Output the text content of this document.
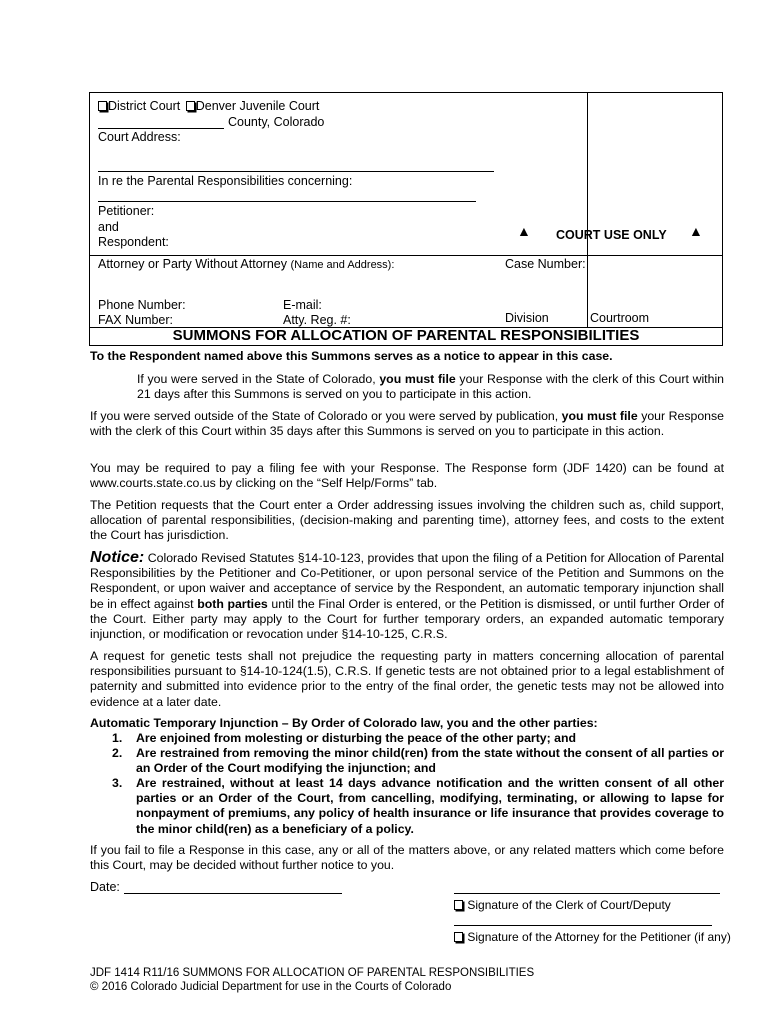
District Court Denver Juvenile Court
County, Colorado
Court Address:
In re the Parental Responsibilities concerning:
Petitioner:
and
Respondent:
▲ COURT USE ONLY ▲
Attorney or Party Without Attorney (Name and Address):	Case Number:
Phone Number:	E-mail:
FAX Number:	Atty. Reg. #:	Division	Courtroom
SUMMONS FOR ALLOCATION OF PARENTAL RESPONSIBILITIES
To the Respondent named above this Summons serves as a notice to appear in this case.
If you were served in the State of Colorado, you must file your Response with the clerk of this Court within 21 days after this Summons is served on you to participate in this action.
If you were served outside of the State of Colorado or you were served by publication, you must file your Response with the clerk of this Court within 35 days after this Summons is served on you to participate in this action.
You may be required to pay a filing fee with your Response. The Response form (JDF 1420) can be found at www.courts.state.co.us by clicking on the “Self Help/Forms” tab.
The Petition requests that the Court enter a Order addressing issues involving the children such as, child support, allocation of parental responsibilities, (decision-making and parenting time), attorney fees, and costs to the extent the Court has jurisdiction.
Notice: Colorado Revised Statutes §14-10-123, provides that upon the filing of a Petition for Allocation of Parental Responsibilities by the Petitioner and Co-Petitioner, or upon personal service of the Petition and Summons on the Respondent, or upon waiver and acceptance of service by the Respondent, an automatic temporary injunction shall be in effect against both parties until the Final Order is entered, or the Petition is dismissed, or until further Order of the Court. Either party may apply to the Court for further temporary orders, an expanded automatic temporary injunction, or modification or revocation under §14-10-125, C.R.S.
A request for genetic tests shall not prejudice the requesting party in matters concerning allocation of parental responsibilities pursuant to §14-10-124(1.5), C.R.S. If genetic tests are not obtained prior to a legal establishment of paternity and submitted into evidence prior to the entry of the final order, the genetic tests may not be allowed into evidence at a later date.
Automatic Temporary Injunction – By Order of Colorado law, you and the other parties:
1. Are enjoined from molesting or disturbing the peace of the other party; and
2. Are restrained from removing the minor child(ren) from the state without the consent of all parties or an Order of the Court modifying the injunction; and
3. Are restrained, without at least 14 days advance notification and the written consent of all other parties or an Order of the Court, from cancelling, modifying, terminating, or allowing to lapse for nonpayment of premiums, any policy of health insurance or life insurance that provides coverage to the minor child(ren) as a beneficiary of a policy.
If you fail to file a Response in this case, any or all of the matters above, or any related matters which come before this Court, may be decided without further notice to you.
Date:
Signature of the Clerk of Court/Deputy
Signature of the Attorney for the Petitioner (if any)
JDF 1414 R11/16 SUMMONS FOR ALLOCATION OF PARENTAL RESPONSIBILITIES
© 2016 Colorado Judicial Department for use in the Courts of Colorado
